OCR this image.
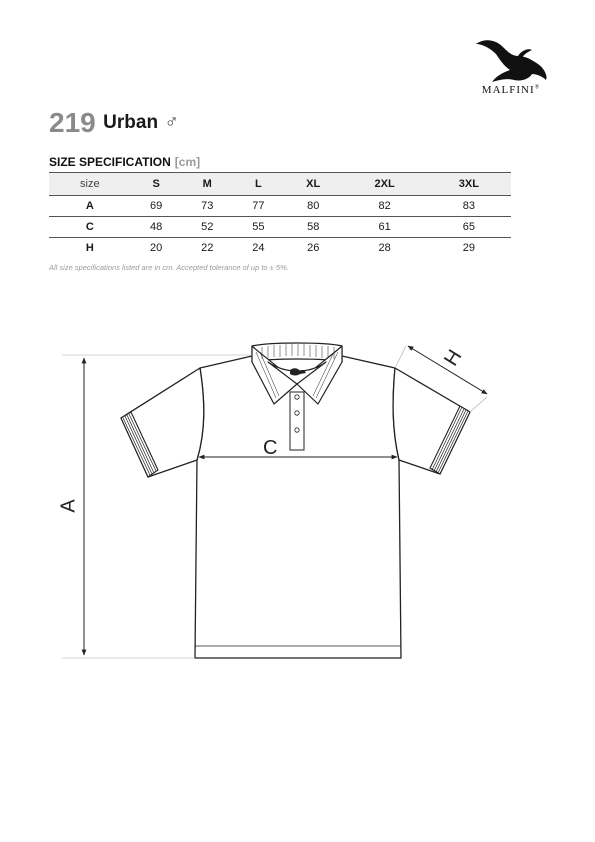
MALFINI®
219 Urban ♂
SIZE SPECIFICATION [cm]
size	S	M	L	XL	2XL	3XL
A	69	73	77	80	82	83
C	48	52	55	58	61	65
H	20	22	24	26	28	29
All size specifications listed are in cm. Accepted tolerance of up to ± 5%.
A
C
H
